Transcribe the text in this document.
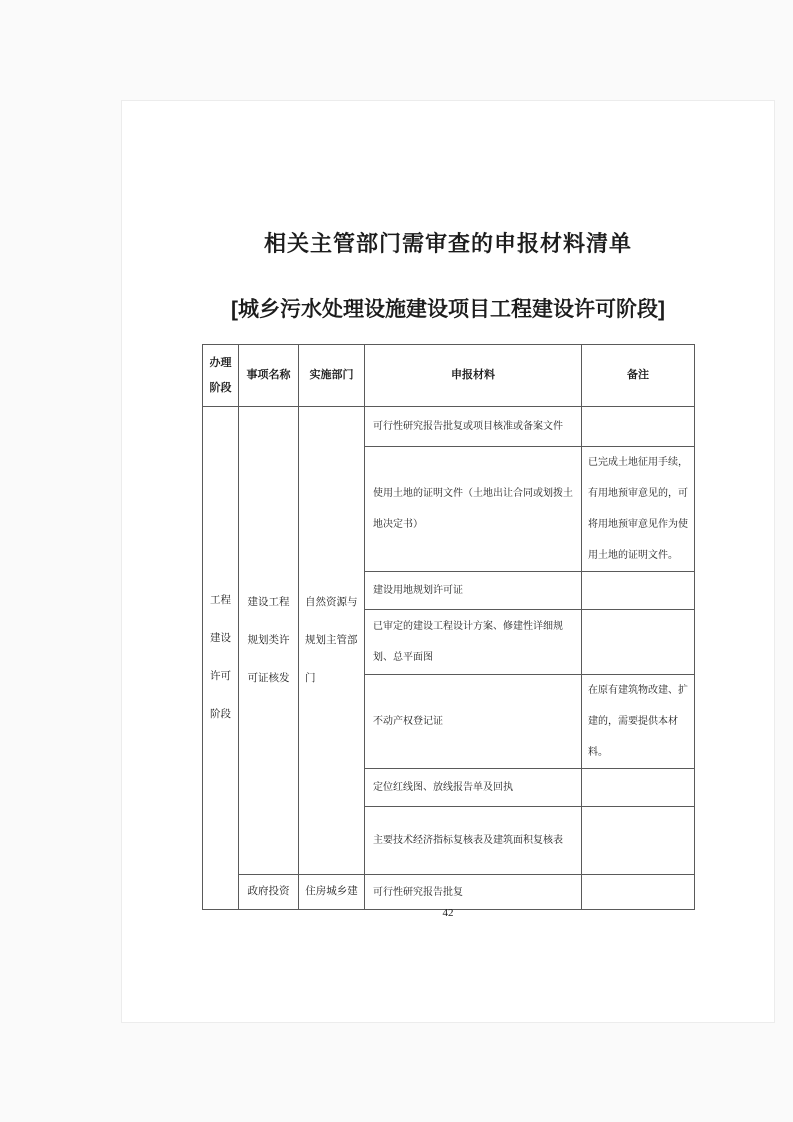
相关主管部门需审查的申报材料清单
[城乡污水处理设施建设项目工程建设许可阶段]
办理阶段	事项名称	实施部门	申报材料	备注
工程建设许可阶段	建设工程规划类许可证核发	自然资源与规划主管部门	可行性研究报告批复或项目核准或备案文件	
			使用土地的证明文件（土地出让合同或划拨土地决定书）	已完成土地征用手续，有用地预审意见的，可将用地预审意见作为使用土地的证明文件。
			建设用地规划许可证	
			已审定的建设工程设计方案、修建性详细规划、总平面图	
			不动产权登记证	在原有建筑物改建、扩建的，需要提供本材料。
			定位红线图、放线报告单及回执	
			主要技术经济指标复核表及建筑面积复核表	
	政府投资	住房城乡建	可行性研究报告批复	
42
